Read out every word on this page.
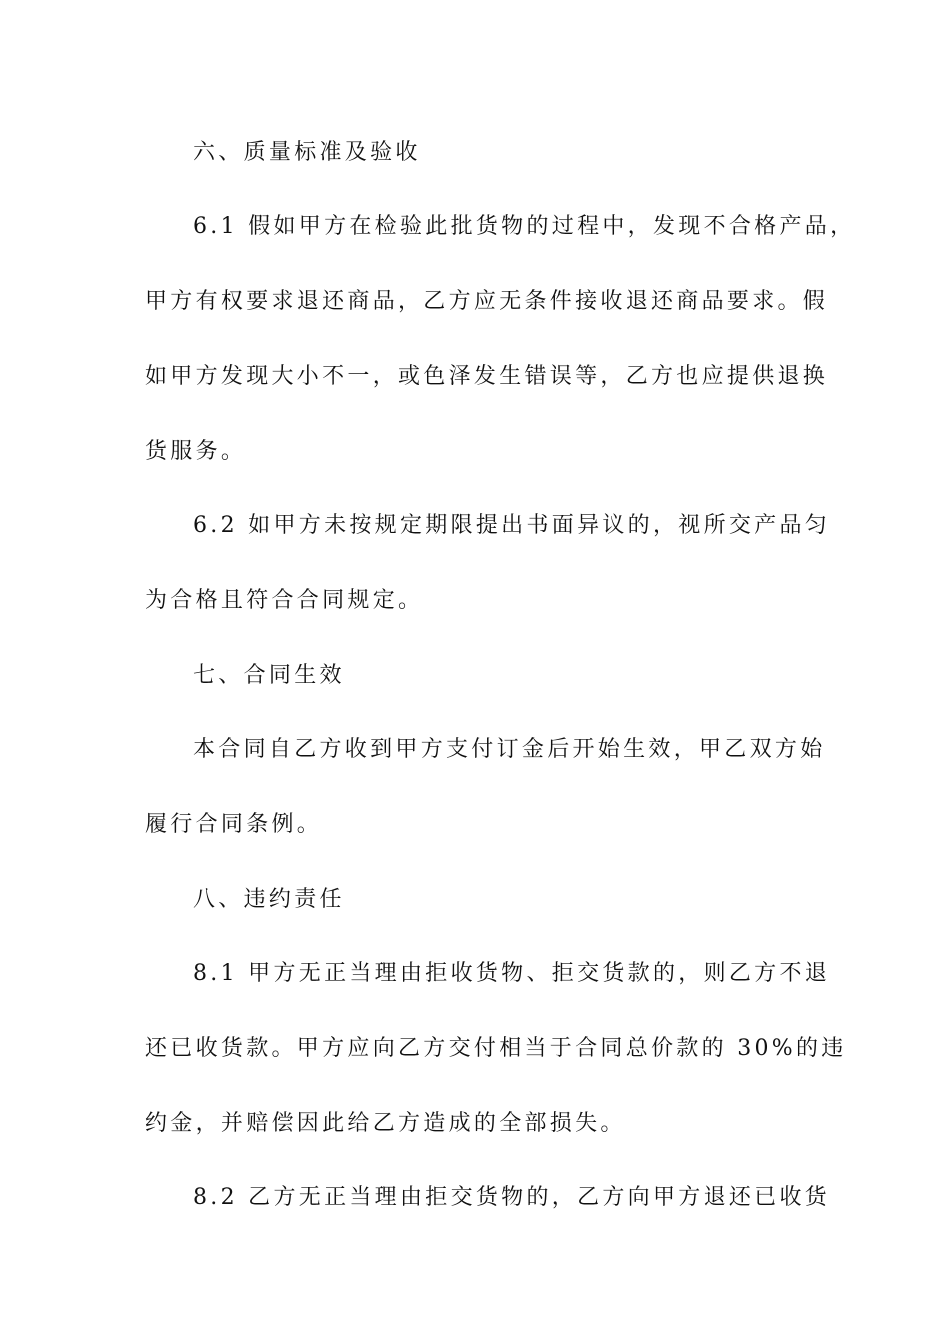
六、质量标准及验收
6.1 假如甲方在检验此批货物的过程中，发现不合格产品，
甲方有权要求退还商品，乙方应无条件接收退还商品要求。假
如甲方发现大小不一，或色泽发生错误等，乙方也应提供退换
货服务。
6.2 如甲方未按规定期限提出书面异议的，视所交产品匀
为合格且符合合同规定。
七、合同生效
本合同自乙方收到甲方支付订金后开始生效，甲乙双方始
履行合同条例。
八、违约责任
8.1 甲方无正当理由拒收货物、拒交货款的，则乙方不退
还已收货款。甲方应向乙方交付相当于合同总价款的 30%的违
约金，并赔偿因此给乙方造成的全部损失。
8.2 乙方无正当理由拒交货物的，乙方向甲方退还已收货
